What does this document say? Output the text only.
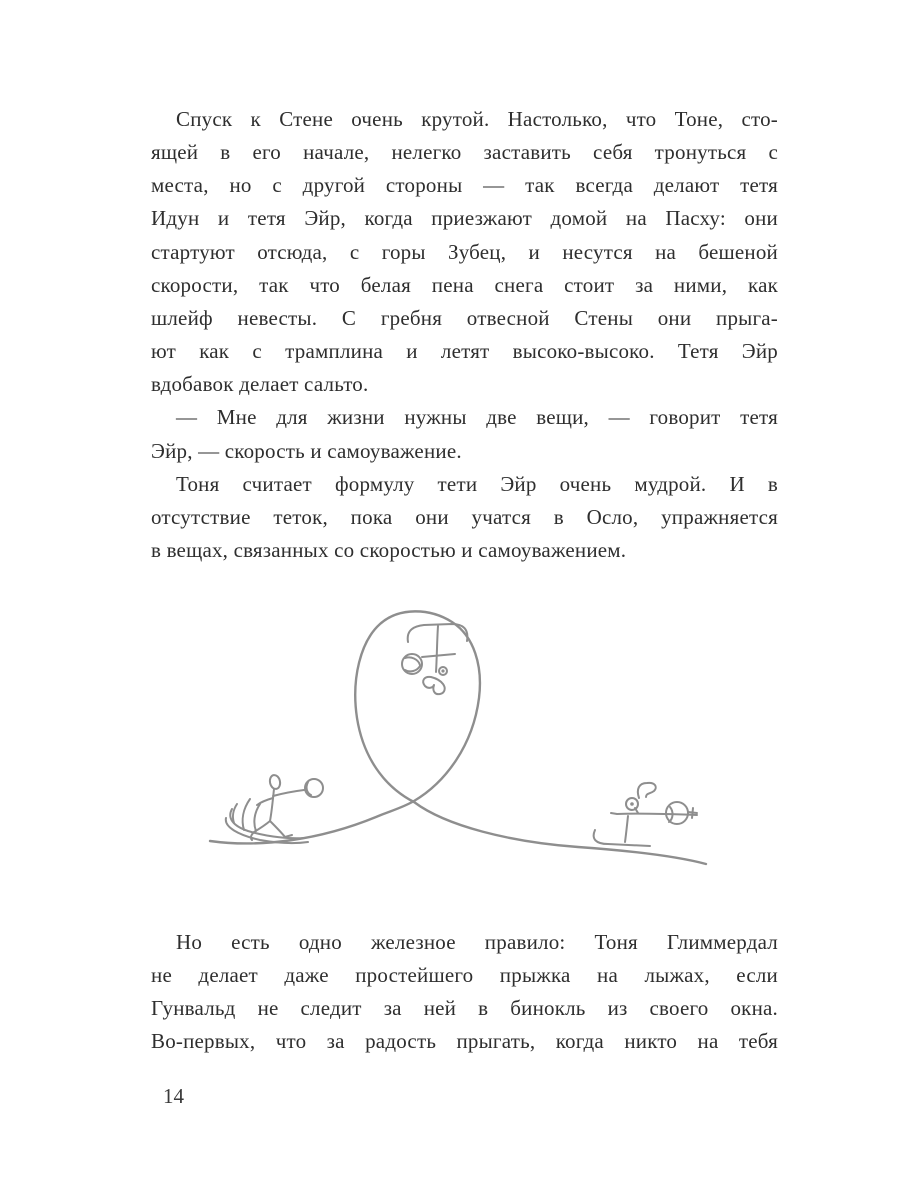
Спуск к Стене очень крутой. Настолько, что Тоне, сто-
ящей в его начале, нелегко заставить себя тронуться с
места, но с другой стороны — так всегда делают тетя
Идун и тетя Эйр, когда приезжают домой на Пасху: они
стартуют отсюда, с горы Зубец, и несутся на бешеной
скорости, так что белая пена снега стоит за ними, как
шлейф невесты. С гребня отвесной Стены они прыга-
ют как с трамплина и летят высоко-высоко. Тетя Эйр
вдобавок делает сальто.
— Мне для жизни нужны две вещи, — говорит тетя
Эйр, — скорость и самоуважение.
Тоня считает формулу тети Эйр очень мудрой. И в
отсутствие теток, пока они учатся в Осло, упражняется
в вещах, связанных со скоростью и самоуважением.
Но есть одно железное правило: Тоня Глиммердал
не делает даже простейшего прыжка на лыжах, если
Гунвальд не следит за ней в бинокль из своего окна.
Во-первых, что за радость прыгать, когда никто на тебя
14
